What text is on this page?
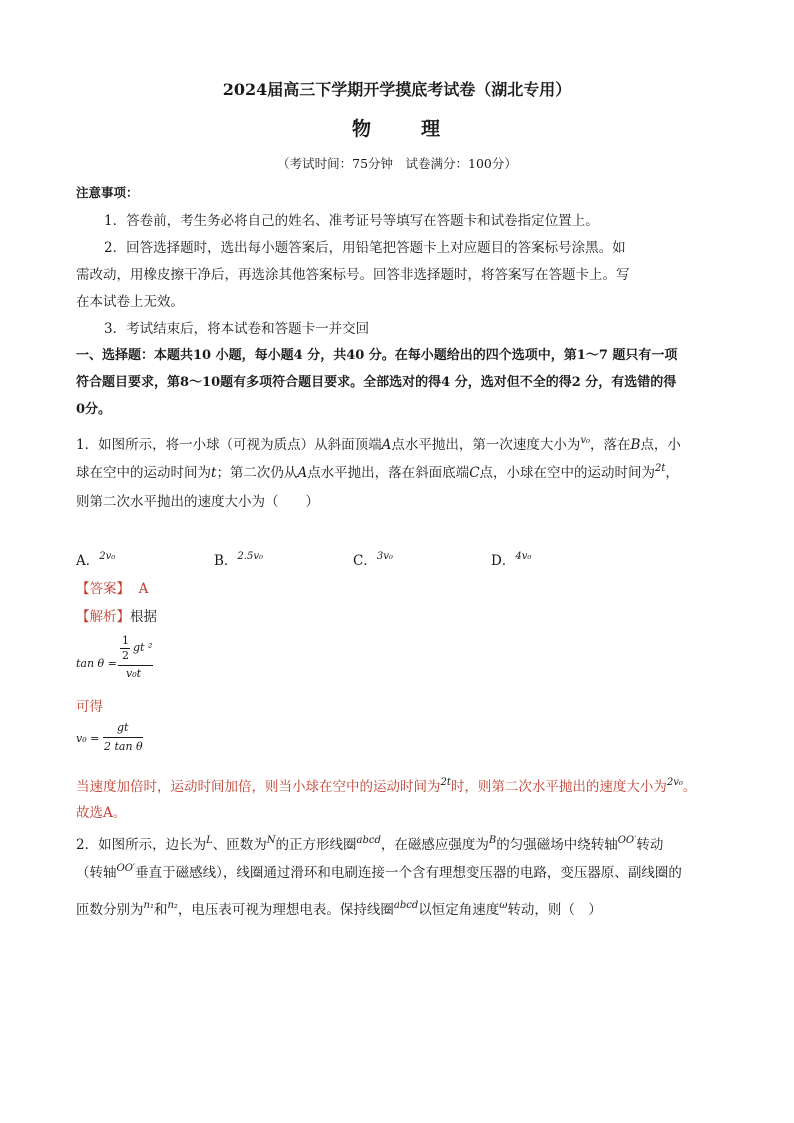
2024届高三下学期开学摸底考试卷（湖北专用）
物	理
（考试时间：75分钟　试卷满分：100分）
注意事项：
1．答卷前，考生务必将自己的姓名、准考证号等填写在答题卡和试卷指定位置上。
2．回答选择题时，选出每小题答案后，用铅笔把答题卡上对应题目的答案标号涂黑。如
需改动，用橡皮擦干净后，再选涂其他答案标号。回答非选择题时，将答案写在答题卡上。写
在本试卷上无效。
3．考试结束后，将本试卷和答题卡一并交回
一、选择题：本题共10 小题，每小题4 分，共40 分。在每小题给出的四个选项中，第1～7 题只有一项
符合题目要求，第8～10题有多项符合题目要求。全部选对的得4 分，选对但不全的得2 分，有选错的得
0分。
1．如图所示，将一小球（可视为质点）从斜面顶端A点水平抛出，第一次速度大小为$^{v_0}$，落在B点，小
球在空中的运动时间为t；第二次仍从A点水平抛出，落在斜面底端C点，小球在空中的运动时间为$^{2t}$，
则第二次水平抛出的速度大小为（　　）
A．$^{2v_0}$	B．$^{2.5v_0}$	C．$^{3v_0}$	D．$^{4v_0}$
【答案】 A
【解析】根据
tan θ =
1
2
gt ²
v₀t
可得
v₀ =
gt
2 tan θ
当速度加倍时，运动时间加倍，则当小球在空中的运动时间为$^{2t}$时，则第二次水平抛出的速度大小为$^{2v_0}$。
故选A。
2．如图所示，边长为$^L$、匝数为$^N$的正方形线圈$^{abcd}$，在磁感应强度为$^B$的匀强磁场中绕转轴$^{OO'}$转动
（转轴$^{OO'}$垂直于磁感线），线圈通过滑环和电刷连接一个含有理想变压器的电路，变压器原、副线圈的
匝数分别为$^{n_1}$和$^{n_2}$，电压表可视为理想电表。保持线圈$^{abcd}$以恒定角速度$^\omega$转动，则（　）
